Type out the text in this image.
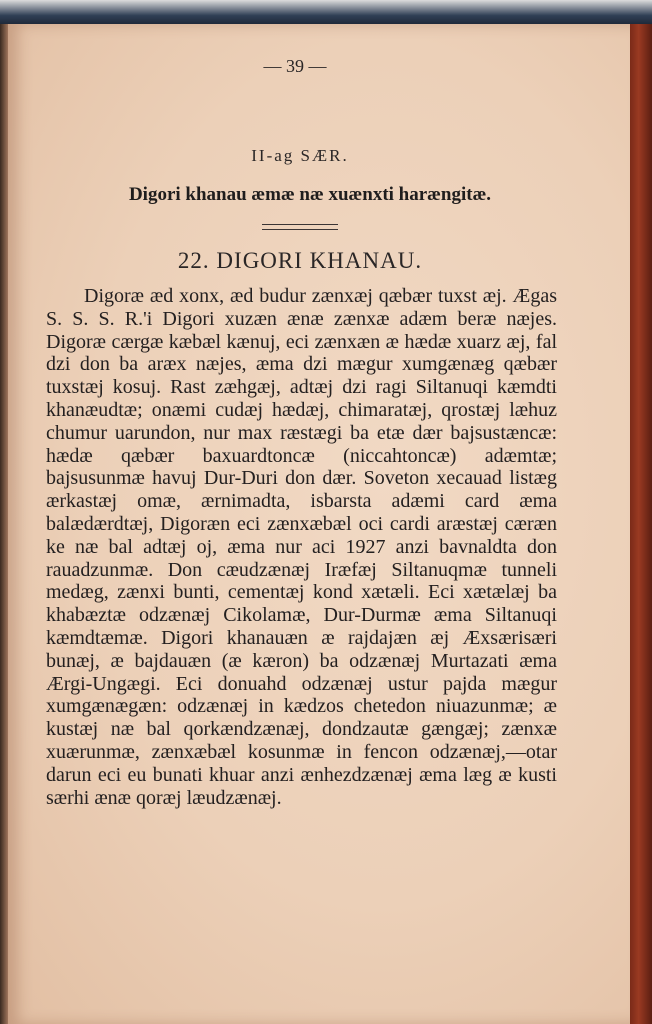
— 39 —
II-ag SÆR.
Digori khanau æmæ næ xuænxti harængitæ.
22. DIGORI KHANAU.

Digoræ æd xonx, æd budur zænxæj qæbær tuxst æj. Ægas S. S. S. R.'i Digori xuzæn ænæ zænxæ adæm beræ næjes. Digoræ cærgæ kæbæl kænuj, eci zænxæn æ hædæ xuarz æj, fal dzi don ba aræx næjes, æma dzi mægur xumgænæg qæbær tuxstæj kosuj. Rast zæhgæj, adtæj dzi ragi Siltanuqi kæmdti khanæudtæ; onæmi cudæj hædæj, chimaratæj, qrostæj læhuz chumur uarundon, nur max ræstægi ba etæ dær bajsustæncæ: hædæ qæbær baxuardtoncæ (niccahtoncæ) adæmtæ; bajsusunmæ havuj Dur-Duri don dær. Soveton xecauad listæg ærkastæj omæ, ærnimadta, isbarsta adæmi card æma balædærdtæj, Digoræn eci zænxæbæl oci cardi aræstæj cæræn ke næ bal adtæj oj, æma nur aci 1927 anzi bavnaldta don rauadzunmæ. Don cæudzænæj Iræfæj Siltanuqmæ tunneli medæg, zænxi bunti, cementæj kond xætæli. Eci xætælæj ba khabæztæ odzænæj Cikolamæ, Dur-Durmæ æma Siltanuqi kæmdtæmæ. Digori khanauæn æ rajdajæn æj Æxsærisæri bunæj, æ bajdauæn (æ kæron) ba odzænæj Murtazati æma Ærgi-Ungægi. Eci donuahd odzænæj ustur pajda mægur xumgænægæn: odzænæj in kædzos chetedon niuazunmæ; æ kustæj næ bal qorkændzænæj, dondzautæ gængæj; zænxæ xuærunmæ, zænxæbæl kosunmæ in fencon odzænæj,—otar darun eci eu bunati khuar anzi ænhezdzænæj æma læg æ kusti særhi ænæ qoræj læudzænæj.
